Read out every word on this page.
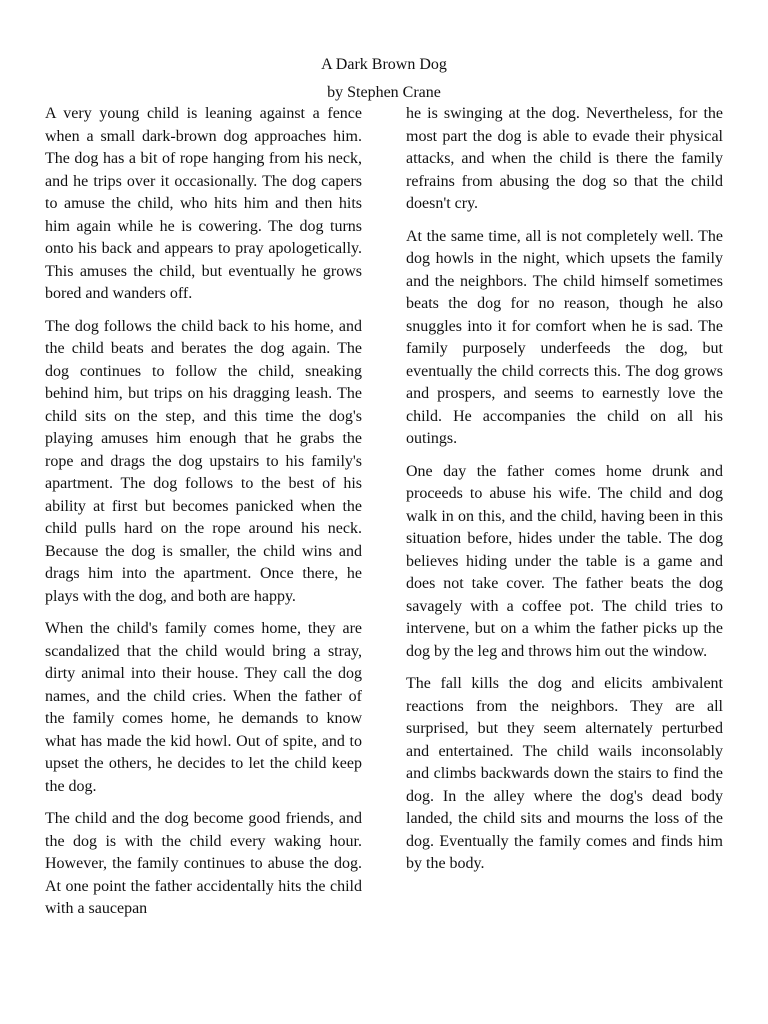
A Dark Brown Dog
by Stephen Crane

A very young child is leaning against a fence when a small dark-brown dog approaches him. The dog has a bit of rope hanging from his neck, and he trips over it occasionally. The dog capers to amuse the child, who hits him and then hits him again while he is cowering. The dog turns onto his back and appears to pray apologetically. This amuses the child, but eventually he grows bored and wanders off.

The dog follows the child back to his home, and the child beats and berates the dog again. The dog continues to follow the child, sneaking behind him, but trips on his dragging leash. The child sits on the step, and this time the dog's playing amuses him enough that he grabs the rope and drags the dog upstairs to his family's apartment. The dog follows to the best of his ability at first but becomes panicked when the child pulls hard on the rope around his neck. Because the dog is smaller, the child wins and drags him into the apartment. Once there, he plays with the dog, and both are happy.

When the child's family comes home, they are scandalized that the child would bring a stray, dirty animal into their house. They call the dog names, and the child cries. When the father of the family comes home, he demands to know what has made the kid howl. Out of spite, and to upset the others, he decides to let the child keep the dog.

The child and the dog become good friends, and the dog is with the child every waking hour. However, the family continues to abuse the dog. At one point the father accidentally hits the child with a saucepan

he is swinging at the dog. Nevertheless, for the most part the dog is able to evade their physical attacks, and when the child is there the family refrains from abusing the dog so that the child doesn't cry.

At the same time, all is not completely well. The dog howls in the night, which upsets the family and the neighbors. The child himself sometimes beats the dog for no reason, though he also snuggles into it for comfort when he is sad. The family purposely underfeeds the dog, but eventually the child corrects this. The dog grows and prospers, and seems to earnestly love the child. He accompanies the child on all his outings.

One day the father comes home drunk and proceeds to abuse his wife. The child and dog walk in on this, and the child, having been in this situation before, hides under the table. The dog believes hiding under the table is a game and does not take cover. The father beats the dog savagely with a coffee pot. The child tries to intervene, but on a whim the father picks up the dog by the leg and throws him out the window.

The fall kills the dog and elicits ambivalent reactions from the neighbors. They are all surprised, but they seem alternately perturbed and entertained. The child wails inconsolably and climbs backwards down the stairs to find the dog. In the alley where the dog's dead body landed, the child sits and mourns the loss of the dog. Eventually the family comes and finds him by the body.
